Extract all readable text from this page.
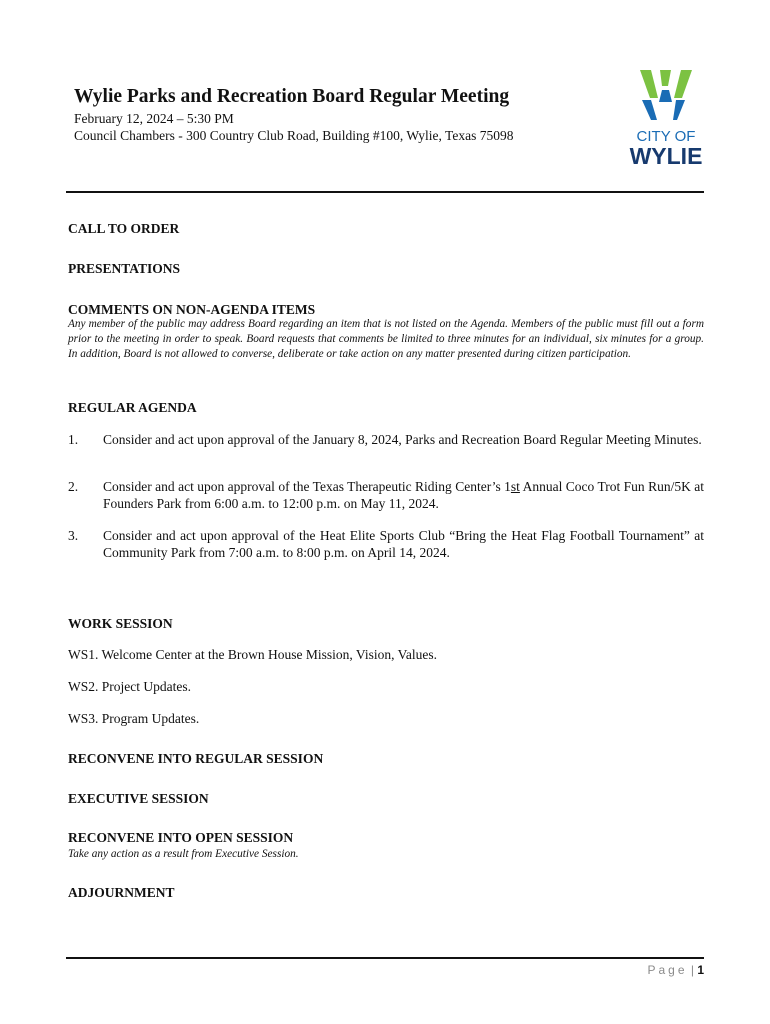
Wylie Parks and Recreation Board Regular Meeting
February 12, 2024 – 5:30 PM
Council Chambers - 300 Country Club Road, Building #100, Wylie, Texas 75098	CITY OF
WYLIE
CALL TO ORDER
PRESENTATIONS
COMMENTS ON NON-AGENDA ITEMS
Any member of the public may address Board regarding an item that is not listed on the Agenda. Members of the public must fill out a form prior to the meeting in order to speak. Board requests that comments be limited to three minutes for an individual, six minutes for a group. In addition, Board is not allowed to converse, deliberate or take action on any matter presented during citizen participation.
REGULAR AGENDA
1. Consider and act upon approval of the January 8, 2024, Parks and Recreation Board Regular Meeting Minutes.
2. Consider and act upon approval of the Texas Therapeutic Riding Center’s 1st Annual Coco Trot Fun Run/5K at Founders Park from 6:00 a.m. to 12:00 p.m. on May 11, 2024.
3. Consider and act upon approval of the Heat Elite Sports Club “Bring the Heat Flag Football Tournament” at Community Park from 7:00 a.m. to 8:00 p.m. on April 14, 2024.
WORK SESSION
WS1. Welcome Center at the Brown House Mission, Vision, Values.
WS2. Project Updates.
WS3. Program Updates.
RECONVENE INTO REGULAR SESSION
EXECUTIVE SESSION
RECONVENE INTO OPEN SESSION
Take any action as a result from Executive Session.
ADJOURNMENT
Page | 1
